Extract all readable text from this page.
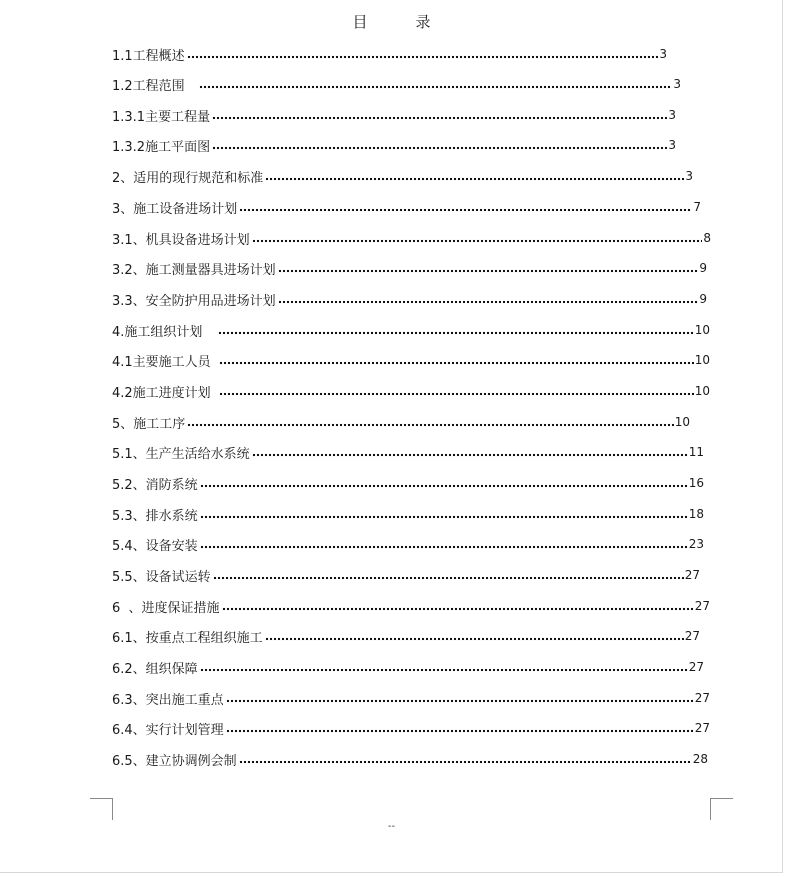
目	录
1.1工程概述	3
1.2工程范围	3
1.3.1主要工程量	3
1.3.2施工平面图	3
2、适用的现行规范和标准	3
3、施工设备进场计划	7
3.1、机具设备进场计划	8
3.2、施工测量器具进场计划	9
3.3、安全防护用品进场计划	9
4.施工组织计划	10
4.1主要施工人员	10
4.2施工进度计划	10
5、施工工序	10
5.1、生产生活给水系统	11
5.2、消防系统	16
5.3、排水系统	18
5.4、设备安装	23
5.5、设备试运转	27
6  、进度保证措施	27
6.1、按重点工程组织施工	27
6.2、组织保障	27
6.3、突出施工重点	27
6.4、实行计划管理	27
6.5、建立协调例会制	28
--
